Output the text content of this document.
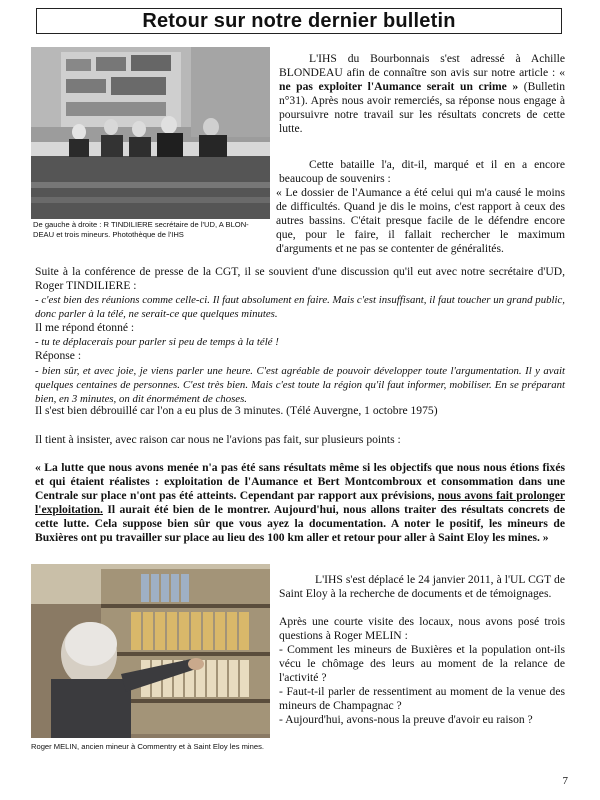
Retour sur notre dernier bulletin
De gauche à droite : R TINDILIERE secrétaire de l'UD, A BLON-DEAU et trois mineurs. Photothèque de l'IHS
L'IHS du Bourbonnais s'est adressé à Achille BLONDEAU afin de connaître son avis sur notre article : « ne pas exploiter l'Aumance serait un crime » (Bulletin n°31). Après nous avoir remerciés, sa réponse nous engage à poursuivre notre travail sur les résultats concrets de cette lutte.
Cette bataille l'a, dit-il, marqué et il en a encore beaucoup de souvenirs :
« Le dossier de l'Aumance a été celui qui m'a causé le moins de difficultés. Quand je dis le moins, c'est rapport à ceux des autres bassins. C'était presque facile de le défendre encore que, pour le faire, il fallait rechercher le maximum d'arguments et ne pas se contenter de généralités.
Suite à la conférence de presse de la CGT, il se souvient d'une discussion qu'il eut avec notre secrétaire d'UD, Roger TINDILIERE :
- c'est bien des réunions comme celle-ci. Il faut absolument en faire. Mais c'est insuffisant, il faut toucher un grand public, donc parler à la télé, ne serait-ce que quelques minutes.
Il me répond étonné :
- tu te déplacerais pour parler si peu de temps à la télé !
Réponse :
- bien sûr, et avec joie, je viens parler une heure. C'est agréable de pouvoir développer toute l'argumentation. Il y avait quelques centaines de personnes. C'est très bien. Mais c'est toute la région qu'il faut informer, mobiliser. En se préparant bien, en 3 minutes, on dit énormément de choses.
Il s'est bien débrouillé car l'on a eu plus de 3 minutes. (Télé Auvergne, 1 octobre 1975)
Il tient à insister, avec raison car nous ne l'avions pas fait, sur plusieurs points :
« La lutte que nous avons menée n'a pas été sans résultats même si les objectifs que nous nous étions fixés et qui étaient réalistes : exploitation de l'Aumance et Bert Montcombroux et consommation dans une Centrale sur place n'ont pas été atteints. Cependant par rapport aux prévisions, nous avons fait prolonger l'exploitation. Il aurait été bien de le montrer. Aujourd'hui, nous allons traiter des résultats concrets de cette lutte. Cela suppose bien sûr que vous ayez la documentation. A noter le positif, les mineurs de Buxières ont pu travailler sur place au lieu des 100 km aller et retour pour aller à Saint Eloy les mines. »
Roger MELIN, ancien mineur à Commentry et à Saint Eloy les mines.
L'IHS s'est déplacé le 24 janvier 2011, à l'UL CGT de Saint Eloy à la recherche de documents et de témoignages.
Après une courte visite des locaux, nous avons posé trois questions à Roger MELIN :
- Comment les mineurs de Buxières et la population ont-ils vécu le chômage des leurs au moment de la relance de l'activité ?
- Faut-t-il parler de ressentiment au moment de la venue des mineurs de Champagnac ?
- Aujourd'hui, avons-nous la preuve d'avoir eu raison ?
7
